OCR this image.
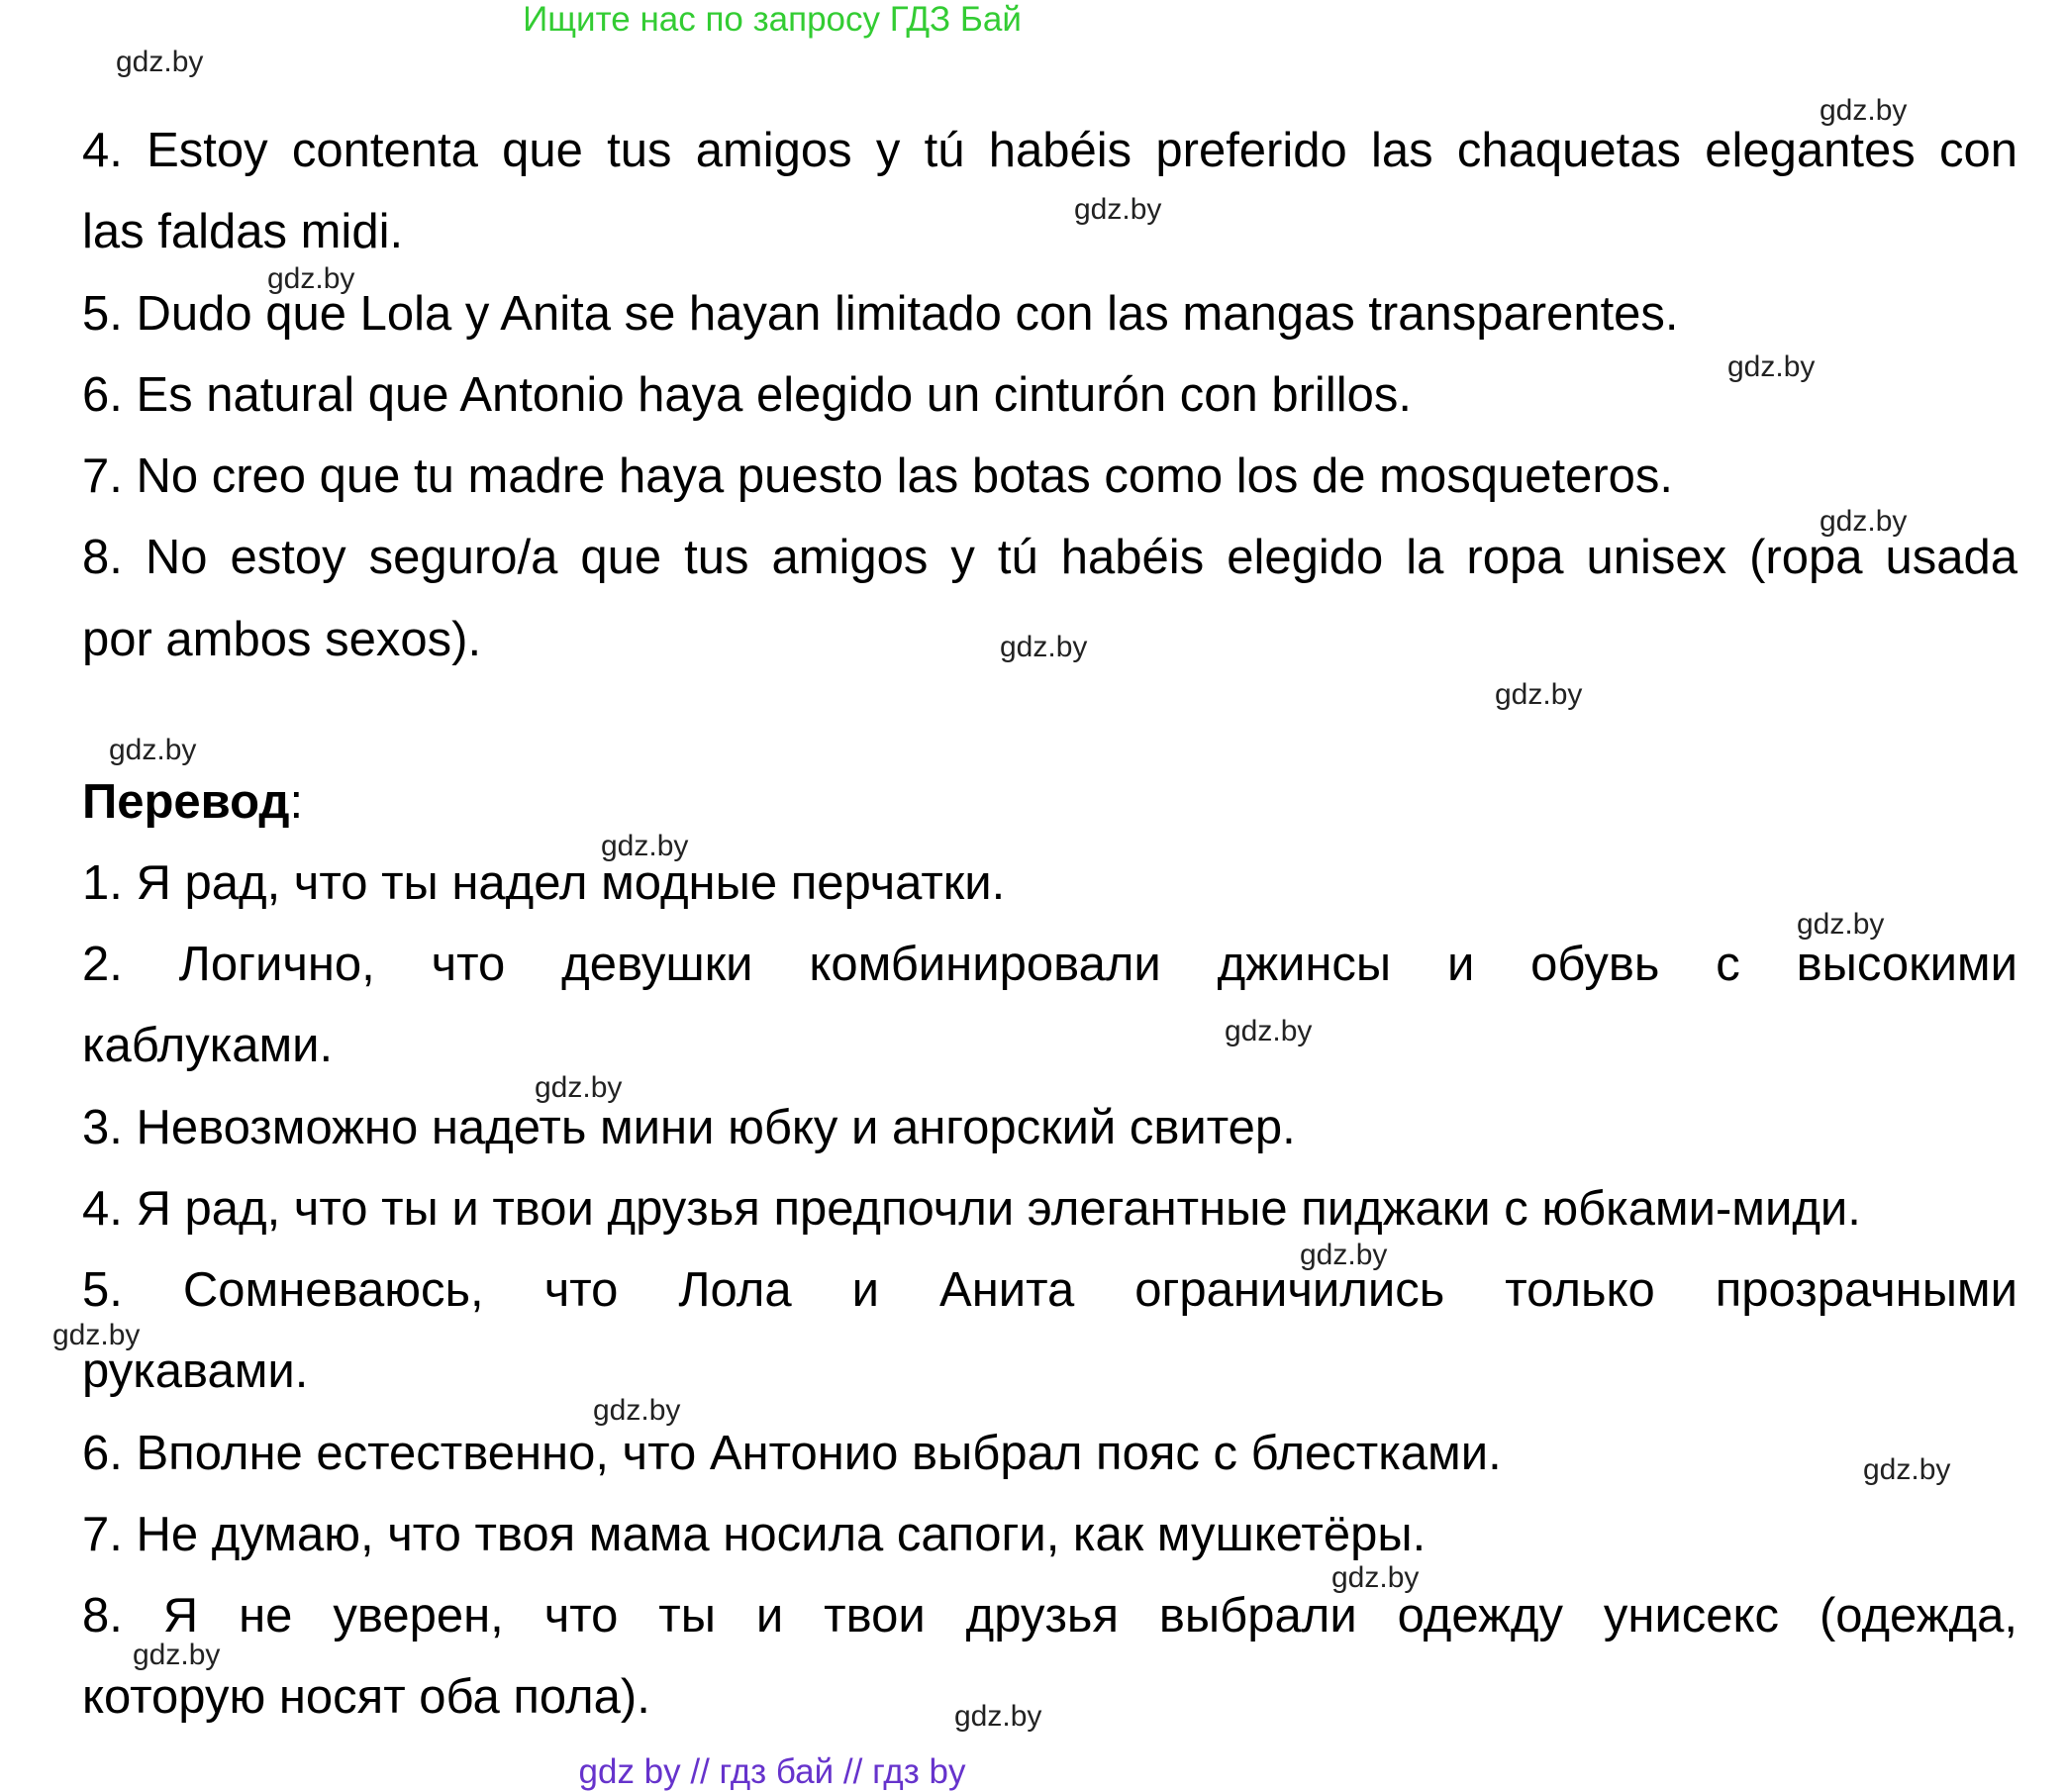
Ищите нас по запросу ГДЗ Бай
4. Estoy contenta que tus amigos y tú habéis preferido las chaquetas elegantes con
las faldas midi.
5. Dudo que Lola y Anita se hayan limitado con las mangas transparentes.
6. Es natural que Antonio haya elegido un cinturón con brillos.
7. No creo que tu madre haya puesto las botas como los de mosqueteros.
8. No estoy seguro/a que tus amigos y tú habéis elegido la ropa unisex (ropa usada
por ambos sexos).
Перевод:
1. Я рад, что ты надел модные перчатки.
2. Логично, что девушки комбинировали джинсы и обувь с высокими
каблуками.
3. Невозможно надеть мини юбку и ангорский свитер.
4. Я рад, что ты и твои друзья предпочли элегантные пиджаки с юбками-миди.
5. Сомневаюсь, что Лола и Анита ограничились только прозрачными
рукавами.
6. Вполне естественно, что Антонио выбрал пояс с блестками.
7. Не думаю, что твоя мама носила сапоги, как мушкетёры.
8. Я не уверен, что ты и твои друзья выбрали одежду унисекс (одежда,
которую носят оба пола).
gdz.by
gdz.by
gdz.by
gdz.by
gdz.by
gdz.by
gdz.by
gdz.by
gdz.by
gdz.by
gdz.by
gdz.by
gdz.by
gdz.by
gdz.by
gdz.by
gdz.by
gdz.by
gdz.by
gdz.by
gdz by // гдз бай // гдз by
